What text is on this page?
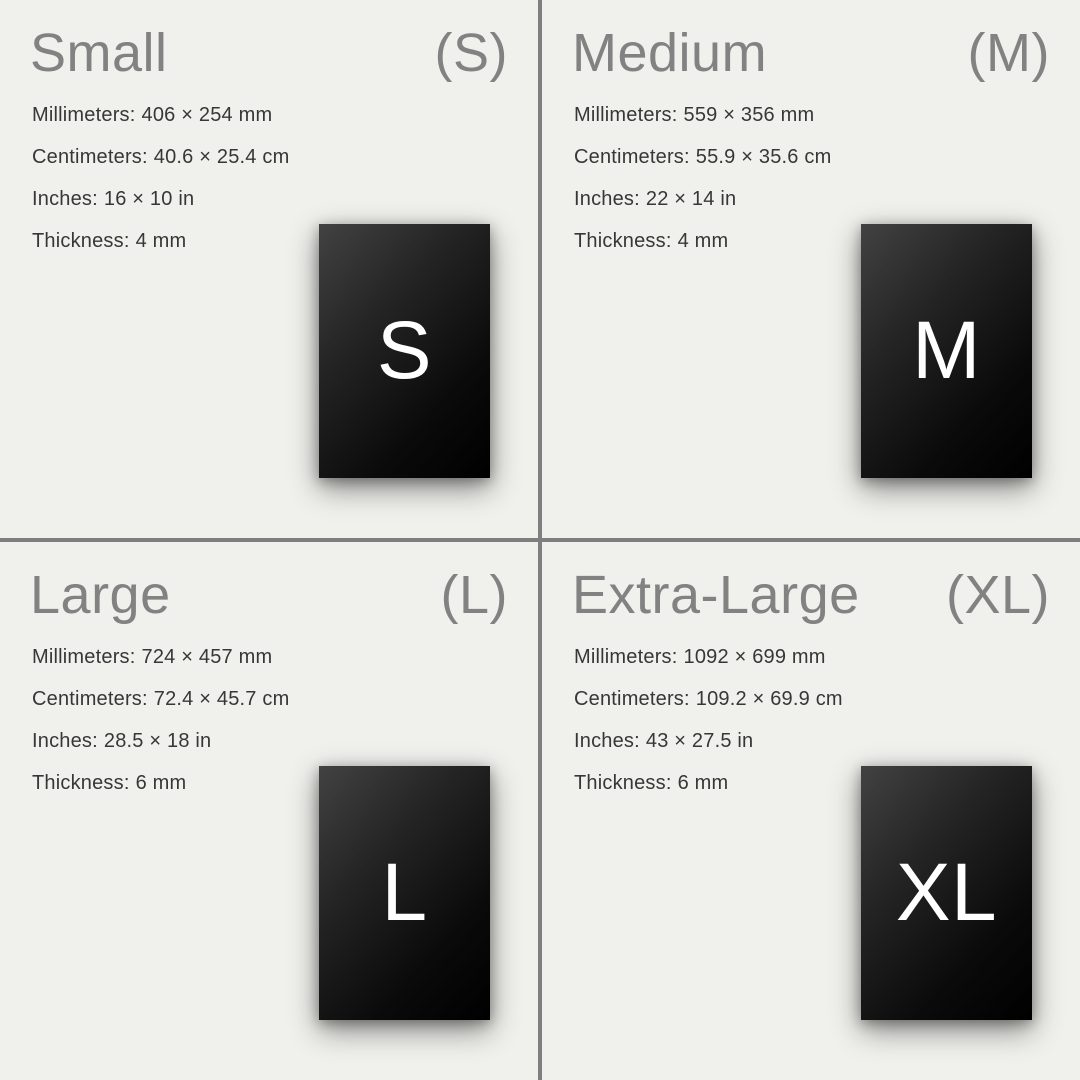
Small	(S)
Millimeters: 406 × 254 mm
Centimeters: 40.6 × 25.4 cm
Inches: 16 × 10 in
Thickness: 4 mm
S
Medium	(M)
Millimeters: 559 × 356 mm
Centimeters: 55.9 × 35.6 cm
Inches: 22 × 14 in
Thickness: 4 mm
M
Large	(L)
Millimeters: 724 × 457 mm
Centimeters: 72.4 × 45.7 cm
Inches: 28.5 × 18 in
Thickness: 6 mm
L
Extra-Large (XL)
Millimeters: 1092 × 699 mm
Centimeters: 109.2 × 69.9 cm
Inches: 43 × 27.5 in
Thickness: 6 mm
XL
